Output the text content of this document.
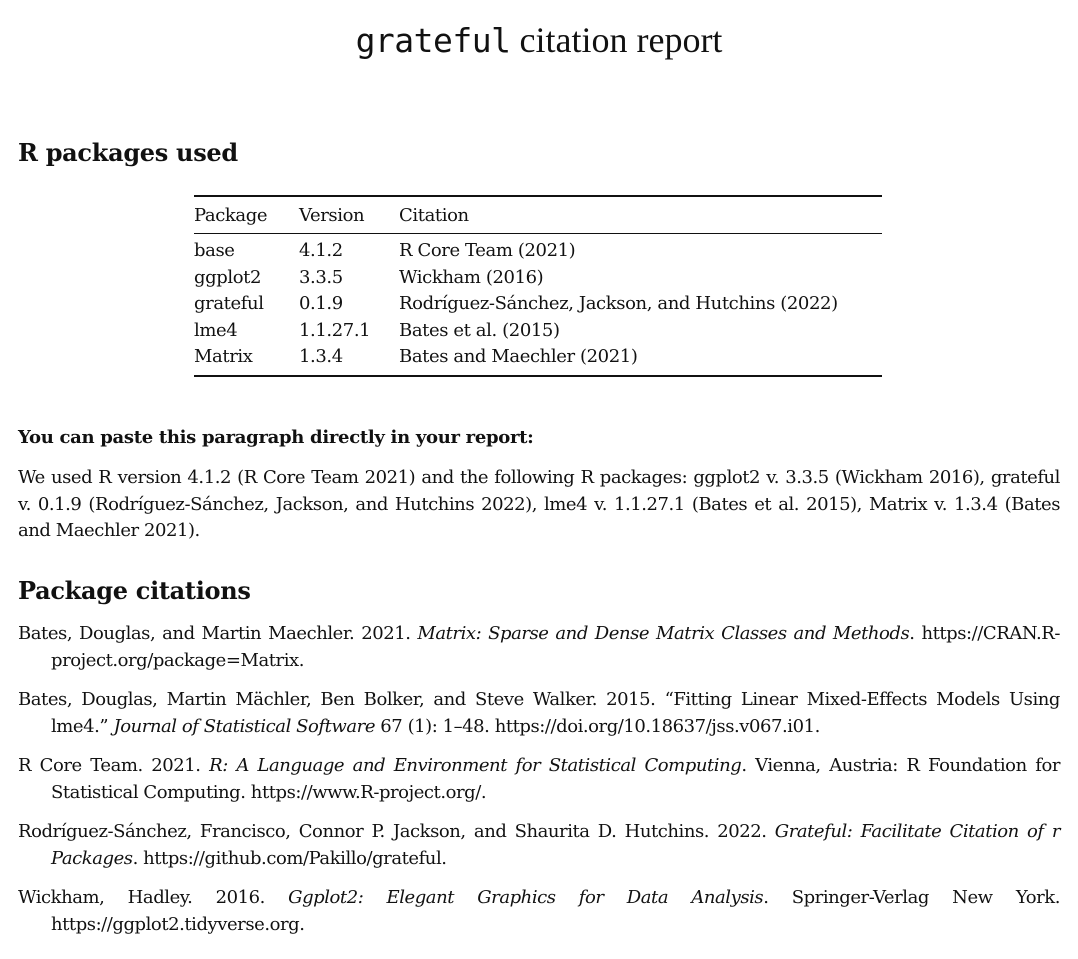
grateful citation report
R packages used
Package	Version	Citation
base	4.1.2	R Core Team (2021)
ggplot2	3.3.5	Wickham (2016)
grateful	0.1.9	Rodríguez-Sánchez, Jackson, and Hutchins (2022)
lme4	1.1.27.1	Bates et al. (2015)
Matrix	1.3.4	Bates and Maechler (2021)

You can paste this paragraph directly in your report:

We used R version 4.1.2 (R Core Team 2021) and the following R packages: ggplot2 v. 3.3.5 (Wickham 2016), grateful v. 0.1.9 (Rodríguez-Sánchez, Jackson, and Hutchins 2022), lme4 v. 1.1.27.1 (Bates et al. 2015), Matrix v. 1.3.4 (Bates and Maechler 2021).

Package citations
Bates, Douglas, and Martin Maechler. 2021. Matrix: Sparse and Dense Matrix Classes and Methods. https://CRAN.R-project.org/package=Matrix.
Bates, Douglas, Martin Mächler, Ben Bolker, and Steve Walker. 2015. “Fitting Linear Mixed-Effects Models Using lme4.” Journal of Statistical Software 67 (1): 1–48. https://doi.org/10.18637/jss.v067.i01.
R Core Team. 2021. R: A Language and Environment for Statistical Computing. Vienna, Austria: R Foundation for Statistical Computing. https://www.R-project.org/.
Rodríguez-Sánchez, Francisco, Connor P. Jackson, and Shaurita D. Hutchins. 2022. Grateful: Facilitate Citation of r Packages. https://github.com/Pakillo/grateful.
Wickham, Hadley. 2016. Ggplot2: Elegant Graphics for Data Analysis. Springer-Verlag New York. https://ggplot2.tidyverse.org.
